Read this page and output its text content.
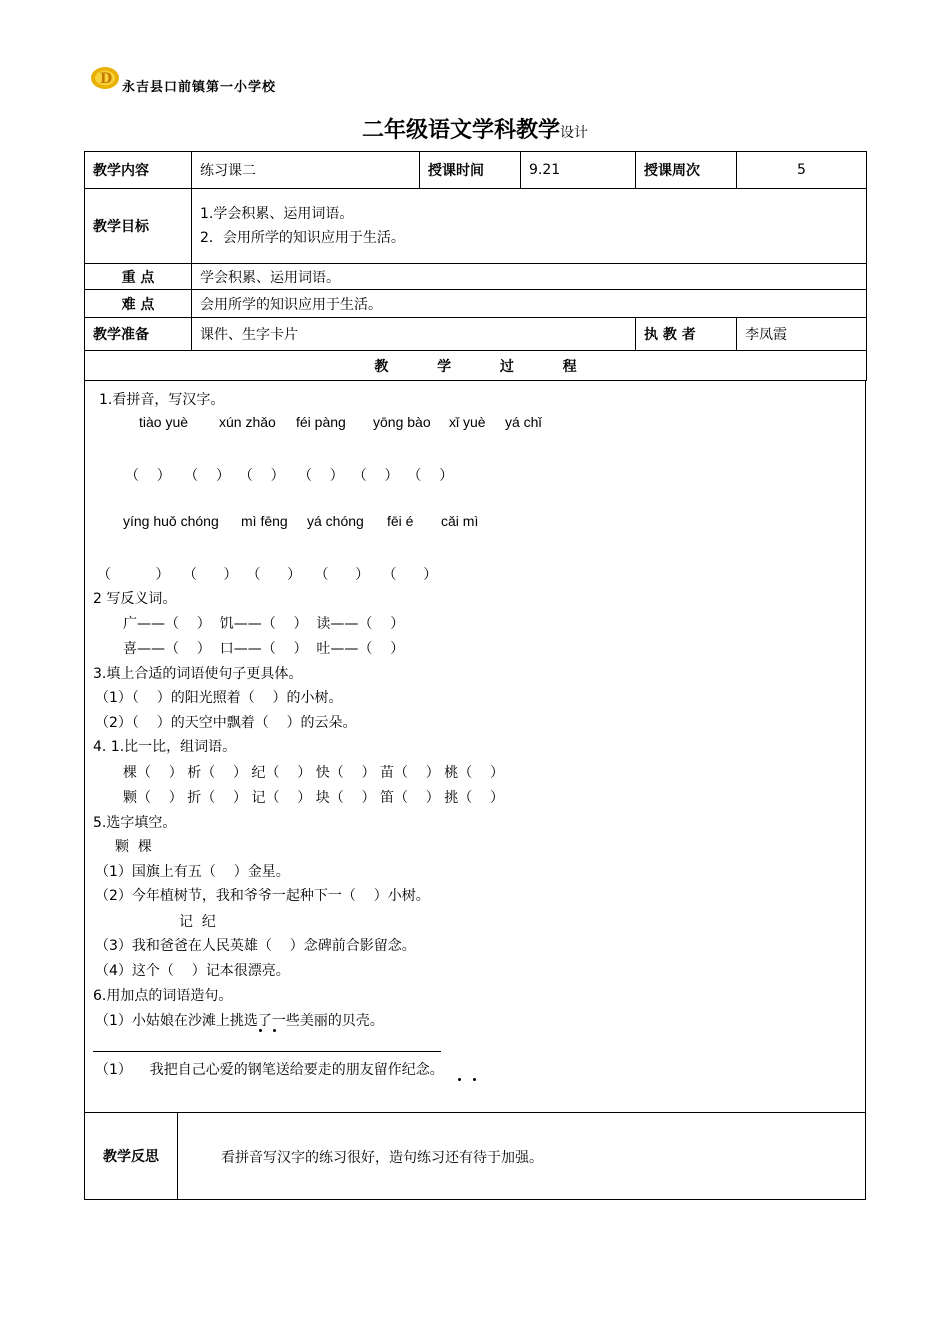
D
永吉县口前镇第一小学校
二年级语文学科教学设计
教学内容	练习课二	授课时间	9.21	授课周次	5
教学目标	1.学会积累、运用词语。
2．会用所学的知识应用于生活。				

重 点	学会积累、运用词语。				
难 点	会用所学的知识应用于生活。				
教学准备	课件、生字卡片			执 教 者	李凤霞
教          学          过          程					
1.看拼音，写汉字。
tiào yuè xún zhǎo féi pàng yōng bào xǐ yuè yá chǐ
（    ）   （    ）  （    ）   （    ）  （    ）  （    ）
yíng huǒ chóng mì fēng yá chóng fēi é cǎi mì
（          ）   （      ）  （      ）   （      ）   （      ）
2 写反义词。
广——（    ）  饥——（    ）  读——（    ）
喜——（    ）  口——（    ）  吐——（    ）
3.填上合适的词语使句子更具体。
（1）（    ）的阳光照着（    ）的小树。
（2）（    ）的天空中飘着（    ）的云朵。
4. 1.比一比，组词语。
棵（    ） 析（    ） 纪（    ） 快（    ） 苗（    ） 桃（    ）
颗（    ） 折（    ） 记（    ） 块（    ） 笛（    ） 挑（    ）
5.选字填空。
颗  棵
（1）国旗上有五（    ）金星。
（2）今年植树节，我和爷爷一起种下一（    ）小树。
记  纪
（3）我和爸爸在人民英雄（    ）念碑前合影留念。
（4）这个（    ）记本很漂亮。
6.用加点的词语造句。
（1）小姑娘在沙滩上挑选了一些美丽的贝壳。
（1）    我把自己心爱的钢笔送给要走的朋友留作纪念。
教学反思	看拼音写汉字的练习很好，造句练习还有待于加强。
